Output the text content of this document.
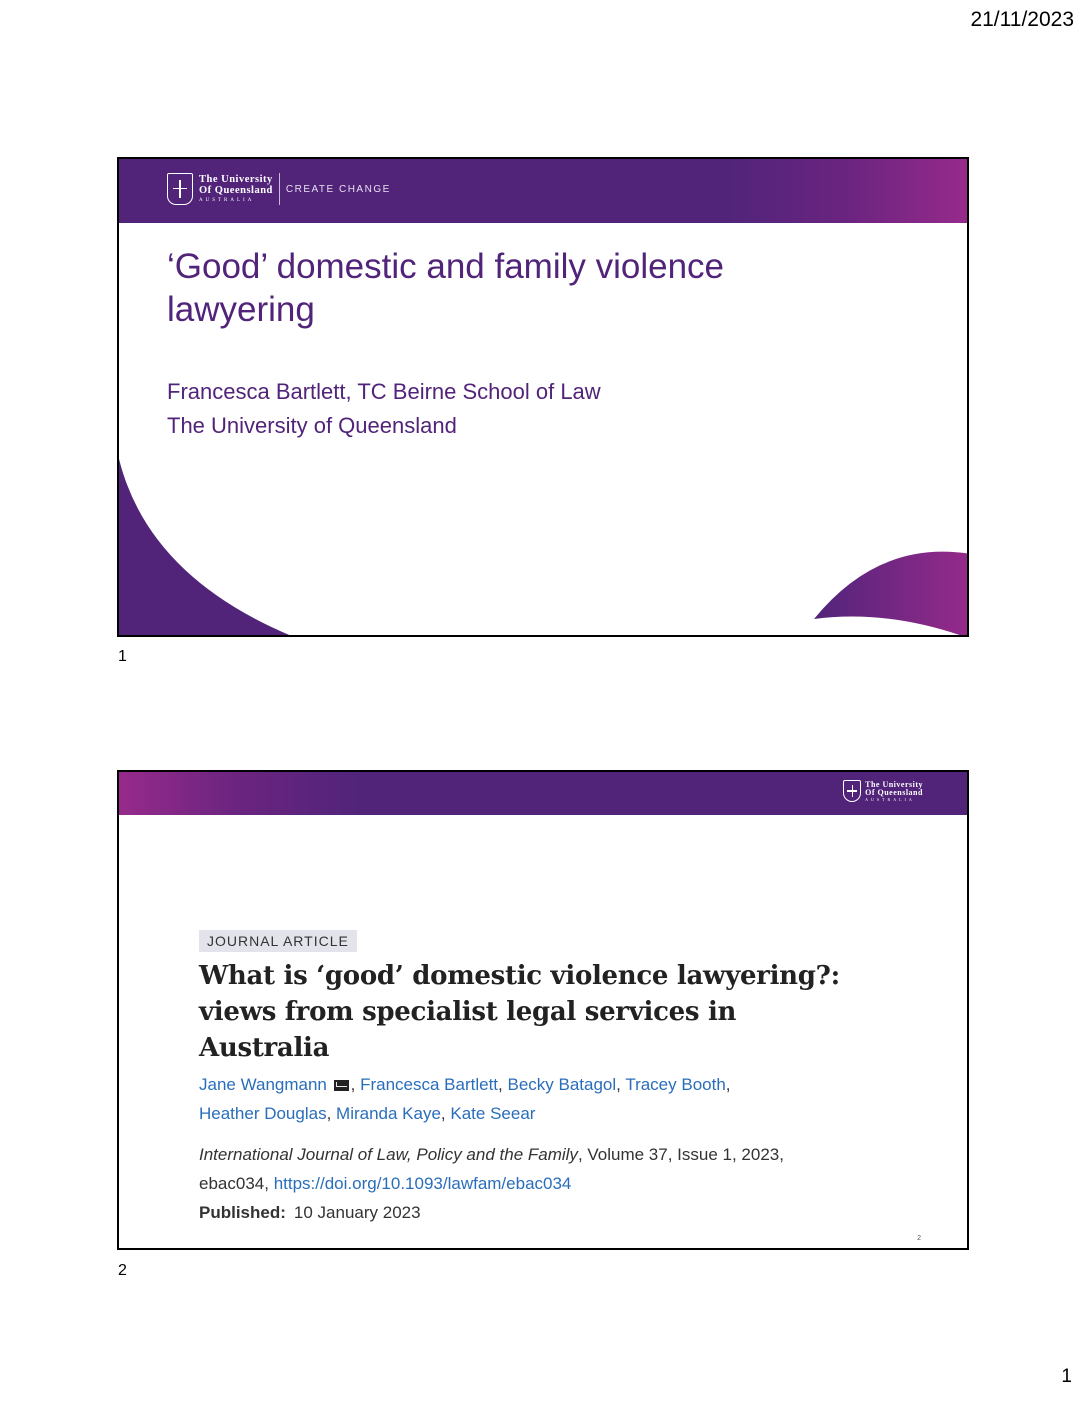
21/11/2023
The University
Of Queensland
AUSTRALIA
CREATE CHANGE
‘Good’ domestic and family violence lawyering
Francesca Bartlett, TC Beirne School of Law
The University of Queensland
1
The University
Of Queensland
AUSTRALIA
JOURNAL ARTICLE
What is ‘good’ domestic violence lawyering?: views from specialist legal services in Australia
Jane Wangmann , Francesca Bartlett, Becky Batagol, Tracey Booth,
Heather Douglas, Miranda Kaye, Kate Seear
International Journal of Law, Policy and the Family, Volume 37, Issue 1, 2023,
ebac034, https://doi.org/10.1093/lawfam/ebac034
Published: 10 January 2023
2
2
1
